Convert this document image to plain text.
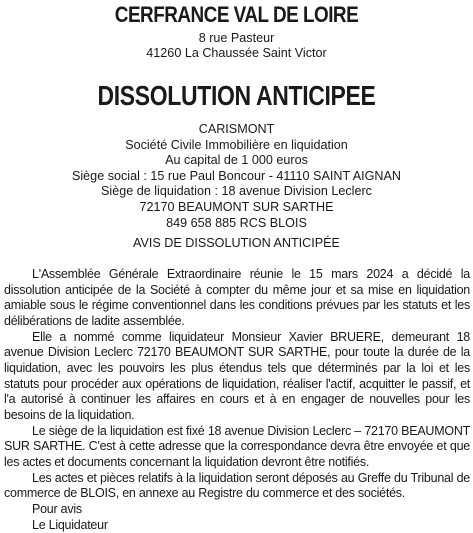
CERFRANCE VAL DE LOIRE
8 rue Pasteur
41260 La Chaussée Saint Victor
DISSOLUTION ANTICIPEE
CARISMONT
Société Civile Immobilière en liquidation
Au capital de 1 000 euros
Siège social : 15 rue Paul Boncour - 41110 SAINT AIGNAN
Siège de liquidation : 18 avenue Division Leclerc
72170 BEAUMONT SUR SARTHE
849 658 885 RCS BLOIS
AVIS DE DISSOLUTION ANTICIPÉE

L'Assemblée Générale Extraordinaire réunie le 15 mars 2024 a décidé la dissolution anticipée de la Société à compter du même jour et sa mise en liquidation amiable sous le régime conventionnel dans les conditions prévues par les statuts et les délibérations de ladite assemblée.

Elle a nommé comme liquidateur Monsieur Xavier BRUERE, demeurant 18 avenue Division Leclerc 72170 BEAUMONT SUR SARTHE, pour toute la durée de la liquidation, avec les pouvoirs les plus étendus tels que déterminés par la loi et les statuts pour procéder aux opérations de liquidation, réaliser l'actif, acquitter le passif, et l'a autorisé à continuer les affaires en cours et à en engager de nouvelles pour les besoins de la liquidation.

Le siège de la liquidation est fixé 18 avenue Division Leclerc – 72170 BEAUMONT SUR SARTHE. C'est à cette adresse que la correspondance devra être envoyée et que les actes et documents concernant la liquidation devront être notifiés.

Les actes et pièces relatifs à la liquidation seront déposés au Greffe du Tribunal de commerce de BLOIS, en annexe au Registre du commerce et des sociétés.

Pour avis

Le Liquidateur
